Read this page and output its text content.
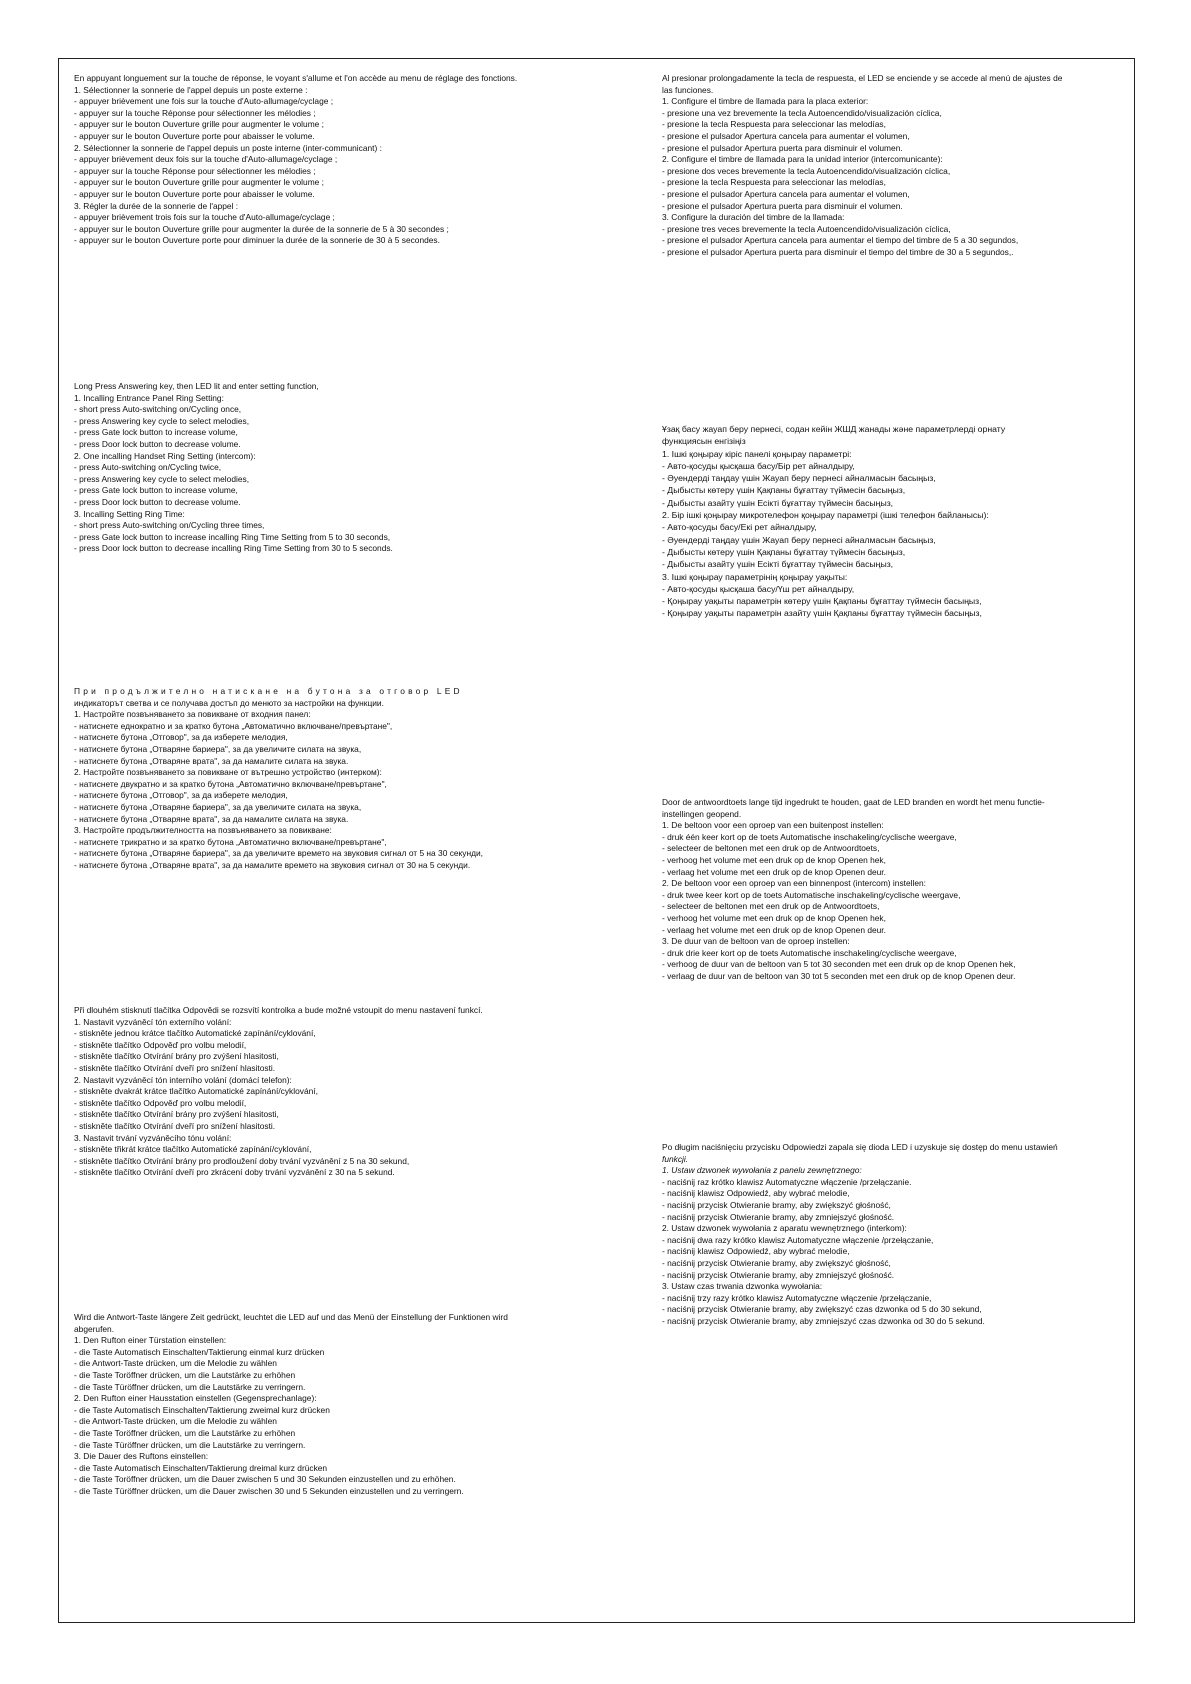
En appuyant longuement sur la touche de réponse, le voyant s'allume et l'on accède au menu de réglage des fonctions.

1. Sélectionner la sonnerie de l'appel depuis un poste externe :

- appuyer brièvement une fois sur la touche d'Auto-allumage/cyclage ;

- appuyer sur la touche Réponse pour sélectionner les mélodies ;

- appuyer sur le bouton Ouverture grille pour augmenter le volume ;

- appuyer sur le bouton Ouverture porte pour abaisser le volume.

2. Sélectionner la sonnerie de l'appel depuis un poste interne (inter-communicant) :

- appuyer brièvement deux fois sur la touche d'Auto-allumage/cyclage ;

- appuyer sur la touche Réponse pour sélectionner les mélodies ;

- appuyer sur le bouton Ouverture grille pour augmenter le volume ;

- appuyer sur le bouton Ouverture porte pour abaisser le volume.

3. Régler la durée de la sonnerie de l'appel :

- appuyer brièvement trois fois sur la touche d'Auto-allumage/cyclage ;

- appuyer sur le bouton Ouverture grille pour augmenter la durée de la sonnerie de 5 à 30 secondes ;

- appuyer sur le bouton Ouverture porte pour diminuer la durée de la sonnerie de 30 à 5 secondes.

Al presionar prolongadamente la tecla de respuesta, el LED se enciende y se accede al menú de ajustes de

las funciones.

1. Configure el timbre de llamada para la placa exterior:

- presione una vez brevemente la tecla Autoencendido/visualización cíclica,

- presione la tecla Respuesta para seleccionar las melodías,

- presione el pulsador Apertura cancela para aumentar el volumen,

- presione el pulsador Apertura puerta para disminuir el volumen.

2. Configure el timbre de llamada para la unidad interior (intercomunicante):

- presione dos veces brevemente la tecla Autoencendido/visualización cíclica,

- presione la tecla Respuesta para seleccionar las melodías,

- presione el pulsador Apertura cancela para aumentar el volumen,

- presione el pulsador Apertura puerta para disminuir el volumen.

3. Configure la duración del timbre de la llamada:

- presione tres veces brevemente la tecla Autoencendido/visualización cíclica,

- presione el pulsador Apertura cancela para aumentar el tiempo del timbre de 5 a 30 segundos,

- presione el pulsador Apertura puerta para disminuir el tiempo del timbre de 30 a 5 segundos,.

Long Press Answering key, then LED lit and enter setting function,

1. Incalling Entrance Panel Ring Setting:

- short press Auto-switching on/Cycling once,

- press Answering key cycle to select melodies,

- press Gate lock button to increase volume,

- press Door lock button to decrease volume.

2. One incalling Handset Ring Setting (intercom):

- press Auto-switching on/Cycling twice,

- press Answering key cycle to select melodies,

- press Gate lock button to increase volume,

- press Door lock button to decrease volume.

3. Incalling Setting Ring Time:

- short press Auto-switching on/Cycling three times,

- press Gate lock button to increase incalling Ring Time Setting from 5 to 30 seconds,

- press Door lock button to decrease incalling Ring Time Setting from 30 to 5 seconds.

Ұзақ басу жауап беру пернесі, содан кейін ЖШД жанады және параметрлерді орнату

функциясын енгізіңіз

1. Ішкі қоңырау кіріс панелі қоңырау параметрі:

- Авто-қосуды қысқаша басу/Бір рет айналдыру,

- Әуендерді таңдау үшін Жауап беру пернесі айналмасын басыңыз,

- Дыбысты көтеру үшін Қақпаны бұғаттау түймесін басыңыз,

- Дыбысты азайту үшін Есікті бұғаттау түймесін басыңыз,

2. Бір ішкі қоңырау микротелефон қоңырау параметрі (ішкі телефон байланысы):

- Авто-қосуды басу/Екі рет айналдыру,

- Әуендерді таңдау үшін Жауап беру пернесі айналмасын басыңыз,

- Дыбысты көтеру үшін Қақпаны бұғаттау түймесін басыңыз,

- Дыбысты азайту үшін Есікті бұғаттау түймесін басыңыз,

3. Ішкі қоңырау параметрінің қоңырау уақыты:

- Авто-қосуды қысқаша басу/Үш рет айналдыру,

- Қоңырау уақыты параметрін көтеру үшін Қақпаны бұғаттау түймесін басыңыз,

- Қоңырау уақыты параметрін азайту үшін Қақпаны бұғаттау түймесін басыңыз,

При продължително натискане на бутона за отговор LED

индикаторът светва и се получава достъп до менюто за настройки на функции.

1. Настройте позвъняването за повикване от входния панел:

- натиснете еднократно и за кратко бутона „Автоматично включване/превъртане",

- натиснете бутона „Отговор", за да изберете мелодия,

- натиснете бутона „Отваряне бариера", за да увеличите силата на звука,

- натиснете бутона „Отваряне врата", за да намалите силата на звука.

2. Настройте позвъняването за повикване от вътрешно устройство (интерком):

- натиснете двукратно и за кратко бутона „Автоматично включване/превъртане",

- натиснете бутона „Отговор", за да изберете мелодия,

- натиснете бутона „Отваряне бариера", за да увеличите силата на звука,

- натиснете бутона „Отваряне врата", за да намалите силата на звука.

3. Настройте продължителността на позвъняването за повикване:

- натиснете трикратно и за кратко бутона „Автоматично включване/превъртане",

- натиснете бутона „Отваряне бариера", за да увеличите времето на звуковия сигнал от 5 на 30 секунди,

- натиснете бутона „Отваряне врата", за да намалите времето на звуковия сигнал от 30 на 5 секунди.

Door de antwoordtoets lange tijd ingedrukt te houden, gaat de LED branden en wordt het menu functie-

instellingen geopend.

1. De beltoon voor een oproep van een buitenpost instellen:

- druk één keer kort op de toets Automatische inschakeling/cyclische weergave,

- selecteer de beltonen met een druk op de Antwoordtoets,

- verhoog het volume met een druk op de knop Openen hek,

- verlaag het volume met een druk op de knop Openen deur.

2. De beltoon voor een oproep van een binnenpost (intercom) instellen:

- druk twee keer kort op de toets Automatische inschakeling/cyclische weergave,

- selecteer de beltonen met een druk op de Antwoordtoets,

- verhoog het volume met een druk op de knop Openen hek,

- verlaag het volume met een druk op de knop Openen deur.

3. De duur van de beltoon van de oproep instellen:

- druk drie keer kort op de toets Automatische inschakeling/cyclische weergave,

- verhoog de duur van de beltoon van 5 tot 30 seconden met een druk op de knop Openen hek,

- verlaag de duur van de beltoon van 30 tot 5 seconden met een druk op de knop Openen deur.

Při dlouhém stisknutí tlačítka Odpovědi se rozsvítí kontrolka a bude možné vstoupit do menu nastavení funkcí.

1. Nastavit vyzváněcí tón externího volání:

- stiskněte jednou krátce tlačítko Automatické zapínání/cyklování,

- stiskněte tlačítko Odpověď pro volbu melodií,

- stiskněte tlačítko Otvírání brány pro zvýšení hlasitosti,

- stiskněte tlačítko Otvírání dveří pro snížení hlasitosti.

2. Nastavit vyzváněcí tón interního volání (domácí telefon):

- stiskněte dvakrát krátce tlačítko Automatické zapínání/cyklování,

- stiskněte tlačítko Odpověď pro volbu melodií,

- stiskněte tlačítko Otvírání brány pro zvýšení hlasitosti,

- stiskněte tlačítko Otvírání dveří pro snížení hlasitosti.

3. Nastavit trvání vyzváněcího tónu volání:

- stiskněte třikrát krátce tlačítko Automatické zapínání/cyklování,

- stiskněte tlačítko Otvírání brány pro prodloužení doby trvání vyzvánění z 5 na 30 sekund,

- stiskněte tlačítko Otvírání dveří pro zkrácení doby trvání vyzvánění z 30 na 5 sekund.

Po długim naciśnięciu przycisku Odpowiedzi zapala się dioda LED i uzyskuje się dostęp do menu ustawień

funkcji.

1. Ustaw dzwonek wywołania z panelu zewnętrznego:

- naciśnij raz krótko klawisz Automatyczne włączenie /przełączanie.

- naciśnij klawisz Odpowiedź, aby wybrać melodie,

- naciśnij przycisk Otwieranie bramy, aby zwiększyć głośność,

- naciśnij przycisk Otwieranie bramy, aby zmniejszyć głośność.

2. Ustaw dzwonek wywołania z aparatu wewnętrznego (interkom):

- naciśnij dwa razy krótko klawisz Automatyczne włączenie /przełączanie,

- naciśnij klawisz Odpowiedź, aby wybrać melodie,

- naciśnij przycisk Otwieranie bramy, aby zwiększyć głośność,

- naciśnij przycisk Otwieranie bramy, aby zmniejszyć głośność.

3. Ustaw czas trwania dzwonka wywołania:

- naciśnij trzy razy krótko klawisz Automatyczne włączenie /przełączanie,

- naciśnij przycisk Otwieranie bramy, aby zwiększyć czas dzwonka od 5 do 30 sekund,

- naciśnij przycisk Otwieranie bramy, aby zmniejszyć czas dzwonka od 30 do 5 sekund.

Wird die Antwort-Taste längere Zeit gedrückt, leuchtet die LED auf und das Menü der Einstellung der Funktionen wird

abgerufen.

1. Den Rufton einer Türstation einstellen:

- die Taste Automatisch Einschalten/Taktierung einmal kurz drücken

- die Antwort-Taste drücken, um die Melodie zu wählen

- die Taste Toröffner drücken, um die Lautstärke zu erhöhen

- die Taste Türöffner drücken, um die Lautstärke zu verringern.

2. Den Rufton einer Hausstation einstellen (Gegensprechanlage):

- die Taste Automatisch Einschalten/Taktierung zweimal kurz drücken

- die Antwort-Taste drücken, um die Melodie zu wählen

- die Taste Toröffner drücken, um die Lautstärke zu erhöhen

- die Taste Türöffner drücken, um die Lautstärke zu verringern.

3. Die Dauer des Ruftons einstellen:

- die Taste Automatisch Einschalten/Taktierung dreimal kurz drücken

- die Taste Toröffner drücken, um die Dauer zwischen 5 und 30 Sekunden einzustellen und zu erhöhen.

- die Taste Türöffner drücken, um die Dauer zwischen 30 und 5 Sekunden einzustellen und zu verringern.
